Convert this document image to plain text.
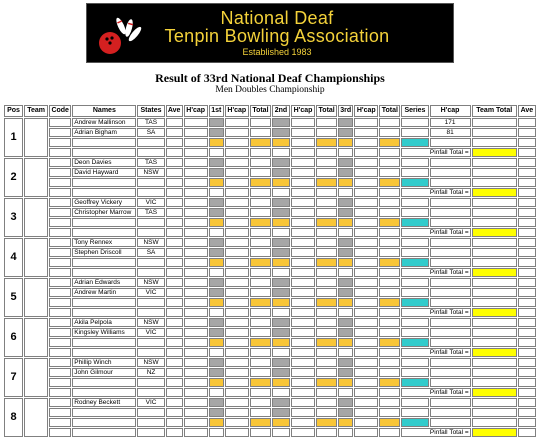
National Deaf
Tenpin Bowling Association
Established 1983
Result of 33rd National Deaf Championships
Men Doubles Championship
Pos	Team	Code	Names	States	Ave	H'cap	1st	H'cap	Total	2nd	H'cap	Total	3rd	H'cap	Total	Series	H'cap	Team Total	Ave
1			Andrew Mallinson	TAS													171		
			Adrian Bigham	SA													81		

																Pinfall Total =			
2			Deon Davies	TAS															
			David Hayward	NSW															

																Pinfall Total =			
3			Geoffrey Vickery	VIC															
			Christopher Marrow	TAS															

																Pinfall Total =			
4			Tony Rennex	NSW															
			Stephen Driscoll	SA															

																Pinfall Total =			
5			Adrian Edwards	NSW															
			Andrew Martin	VIC															

																Pinfall Total =			
6			Akila Pelpola	NSW															
			Kingsley Williams	VIC															

																Pinfall Total =			
7			Phillip Winch	NSW															
			John Gilmour	NZ															

																Pinfall Total =			
8			Rodney Beckett	VIC															

																Pinfall Total =			
